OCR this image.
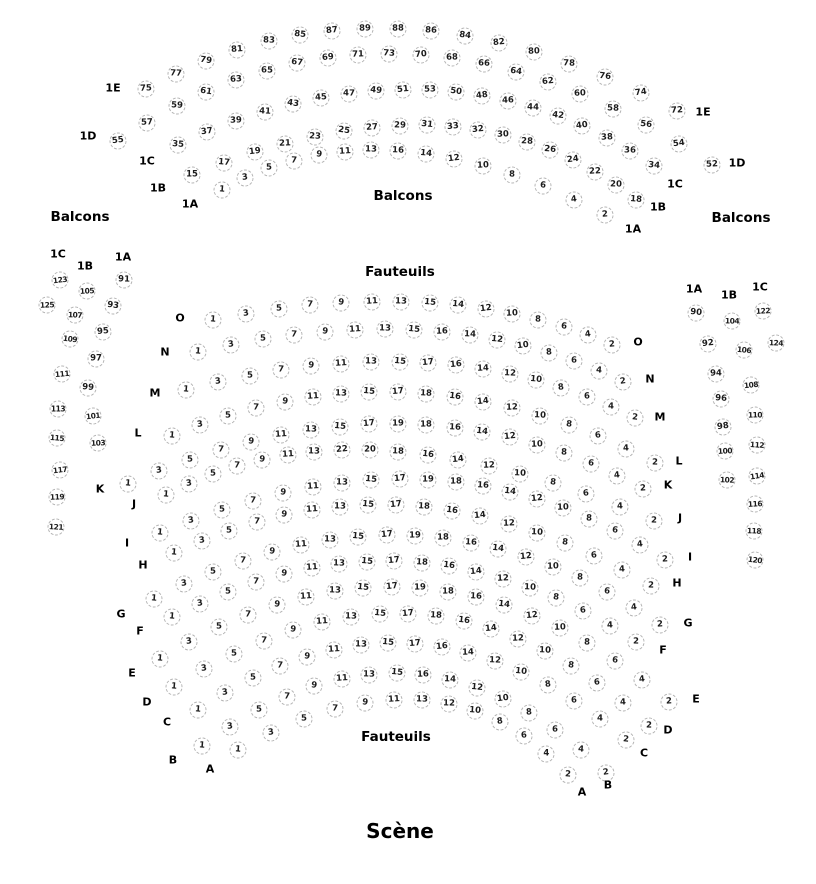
Balcons
Balcons
Balcons
Fauteuils
Fauteuils
Scène
1
3
5
7
9	11	13	16	14	12
10
8
6
4
2
1A
1A
15
17
19
21
23	25	27	29	31	33	32	30
28
26
24
22
20
18
1B
1B
35
37
39
41
43
45	47	49	51	53	50	48	46
44
42
40
38
36
34
1C
1C
55
57
59
61
63
65
67	69	71	73	70	68
66
64
62
60
58
56
54
52
1D
1D
75
77
79
81
83
85	87	89	88	86	84
82
80
78
76
74
72
1E
1E
1
3	5	7	9	11	13	15	14	12	10
8
6
4
2
O
O
1
3
5	7	9	11	13	15	16	14	12
10
8
6
4
2
N
N
1
3
5
7	9	11	13	15	17	16	14	12
10
8
6
4
2
M
M
1
3
5
7
9	11	13	15	17	18	16	14
12
10
8
6
4
2
L
L
1
3
5
7
9
11	13	15	17	19	18	16	14
12
10
8
6
4
2
K	K
1
3
5
7
9	11	13	22	20	18	16	14
12
10
8
6
4
2
J
J
1
3
5
7
9
11	13	15	17	19	18	16	14
12
10
8
6
4
2
I
I
1
3
5
7
9	11	13	15	17	18	16	14
12
10
8
6
4
2
H
H
1
3
5
7
9
11	13	15	17	19	18	16
14
12
10
8
6
4
2
G
G
1
3
5
7
9
11	13	15	17	18	16	14
12
10
8
6
4
2
F
F
1
3
5
7
9
11
13	15	17	19	18
16
14
12
10
8
6
4
2
E
E
1
3
5
7
9
11	13	15	17	18	16
14
12
10
8
6
4
2
D
D
1
3
5
7
9
11	13	15	17	16
14
12
10
8
6
4
2
C
C
1
3
5
7
9
11	13	15	16	14
12
10
8
6
4
2
B
B
1
3
5
7
9	11	13	12
10
8
6
4
2
A
A
1C
1B
1A
91
93
95
97
99
101
103
105
107
109
111
113
115
117
119
121
123
125
1A 1B
1C
90
92
94
96
98
100
102
104
106
108
110
112
114
116
118
120
122
124
